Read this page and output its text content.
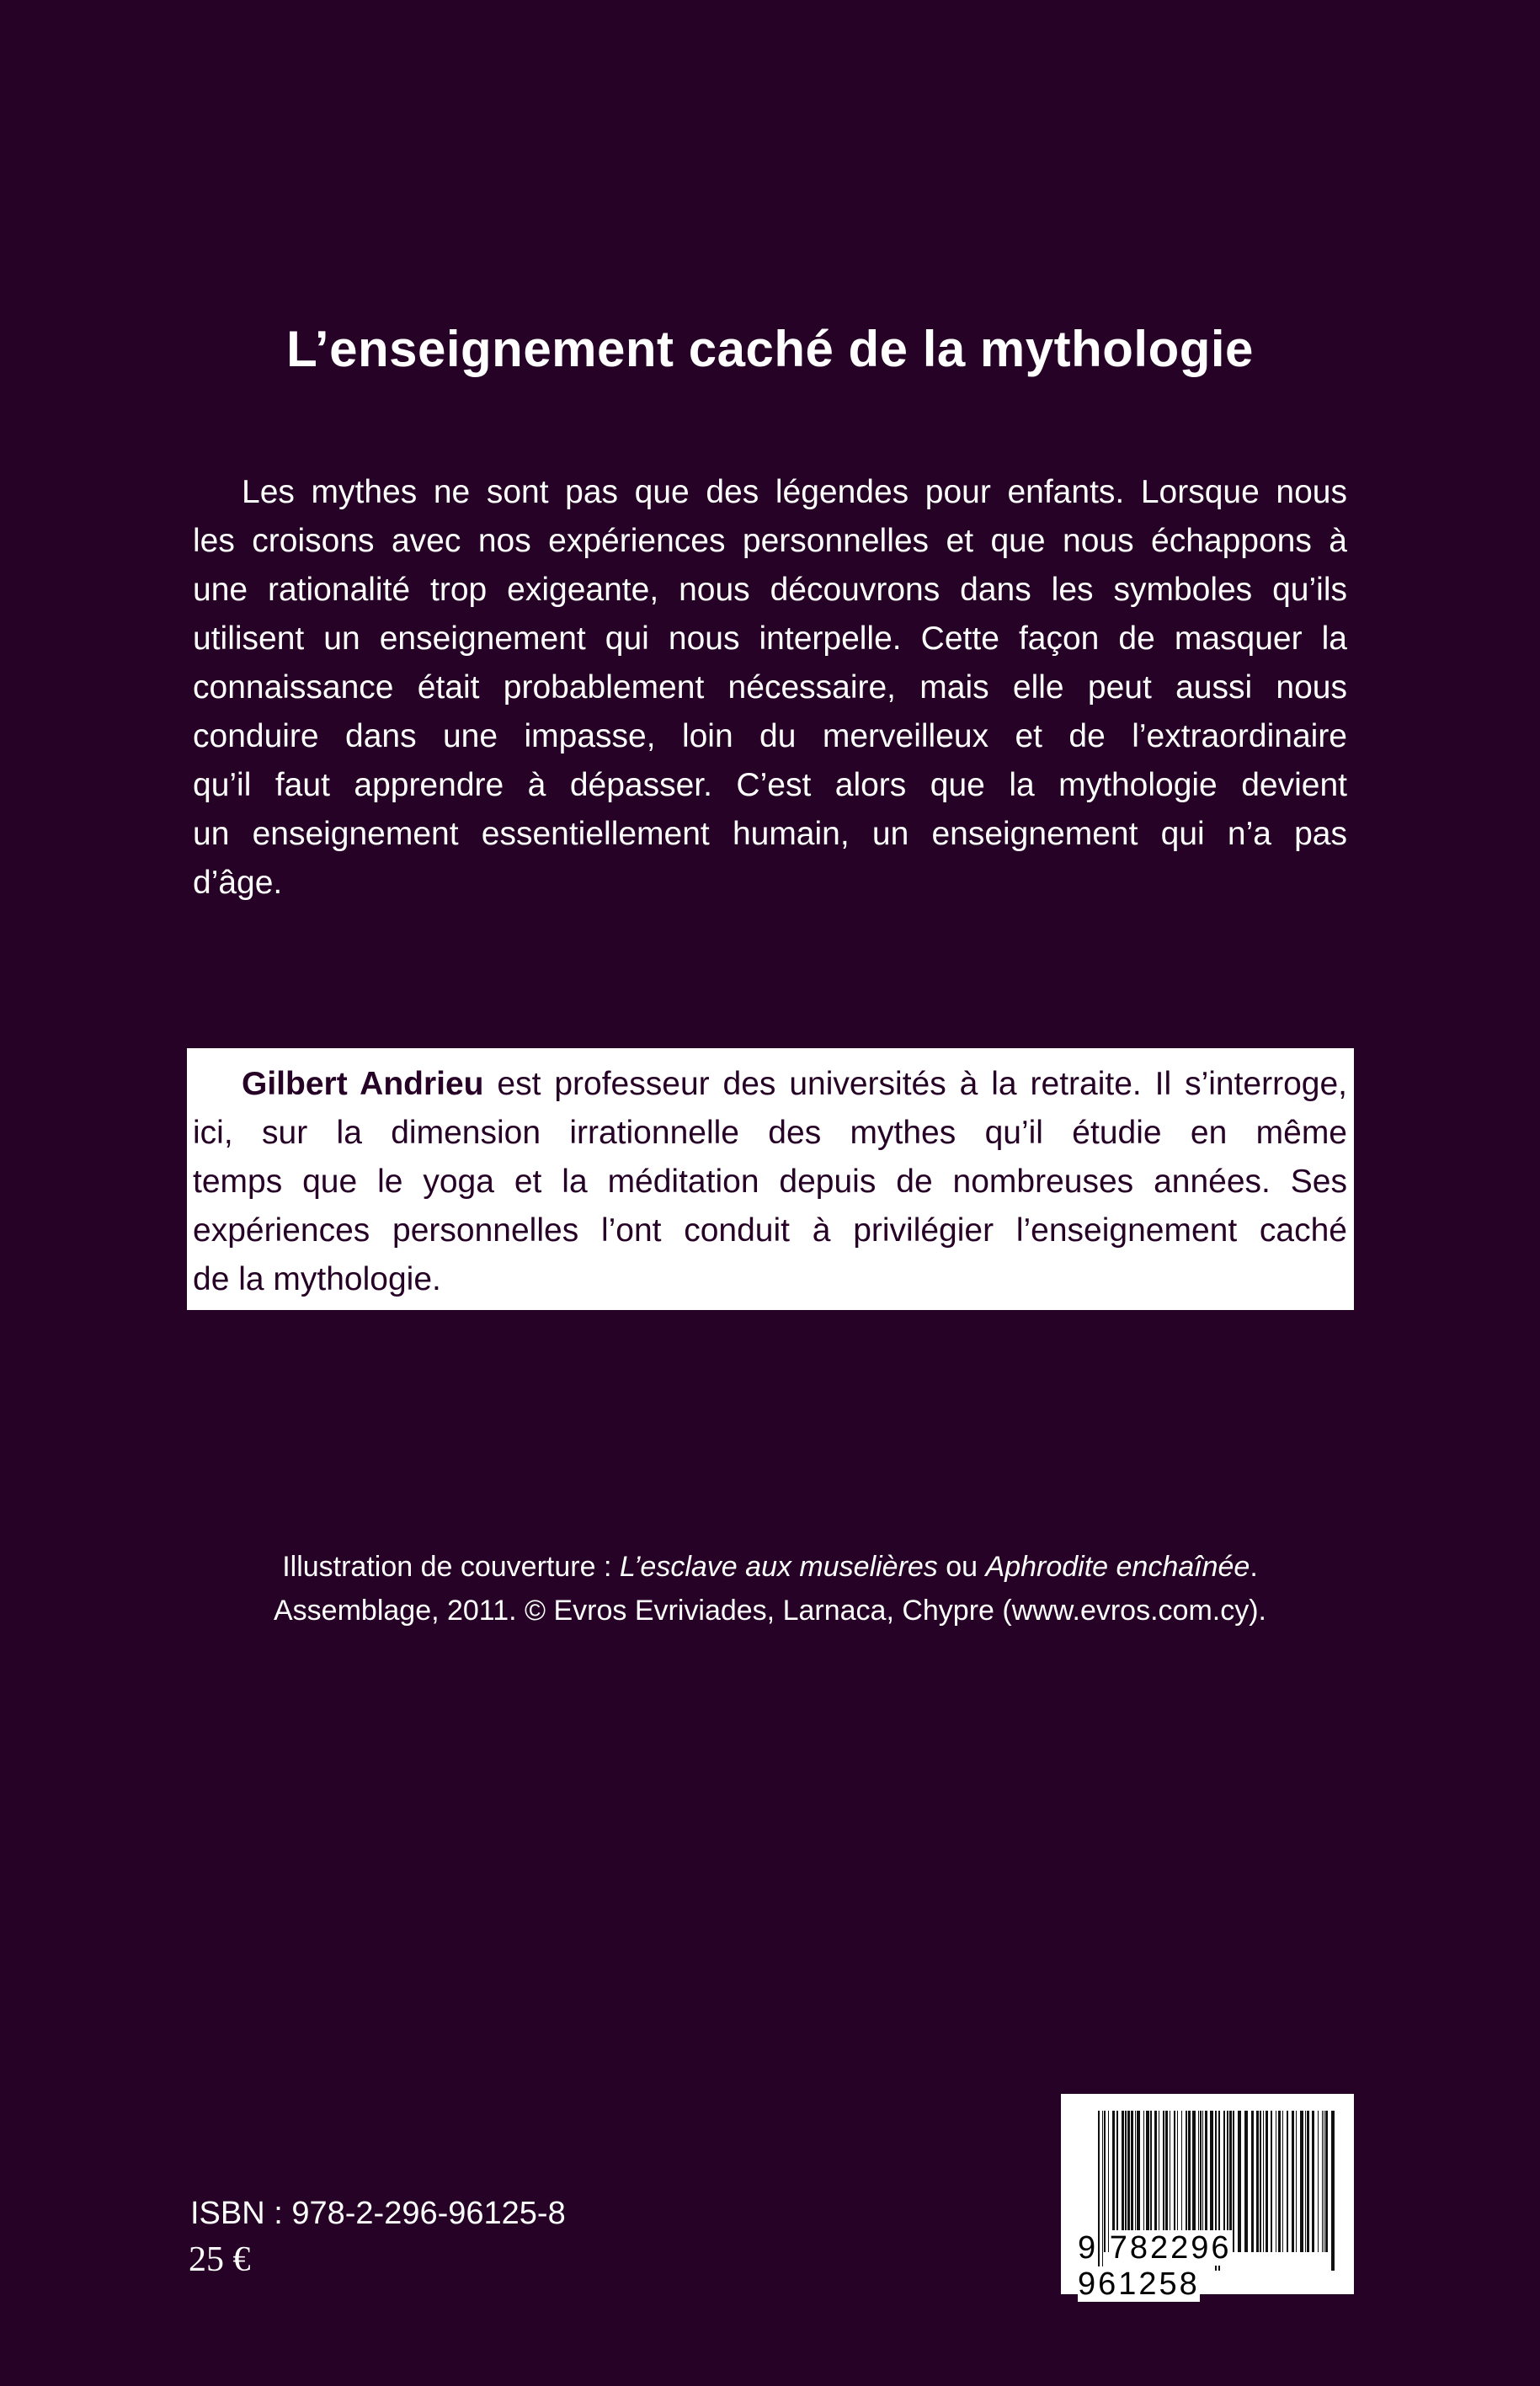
L’enseignement caché de la mythologie
Les mythes ne sont pas que des légendes pour enfants. Lorsque nous
les croisons avec nos expériences personnelles et que nous échappons à
une rationalité trop exigeante, nous découvrons dans les symboles qu’ils
utilisent un enseignement qui nous interpelle. Cette façon de masquer la
connaissance était probablement nécessaire, mais elle peut aussi nous
conduire dans une impasse, loin du merveilleux et de l’extraordinaire
qu’il faut apprendre à dépasser. C’est alors que la mythologie devient
un enseignement essentiellement humain, un enseignement qui n’a pas
d’âge.
Gilbert Andrieu est professeur des universités à la retraite. Il s’interroge,
ici, sur la dimension irrationnelle des mythes qu’il étudie en même
temps que le yoga et la méditation depuis de nombreuses années. Ses
expériences personnelles l’ont conduit à privilégier l’enseignement caché
de la mythologie.
Illustration de couverture : L’esclave aux muselières ou Aphrodite enchaînée.
Assemblage, 2011. © Evros Evriviades, Larnaca, Chypre (www.evros.com.cy).
ISBN : 978-2-296-96125-8
25 €	9 782296 961258
